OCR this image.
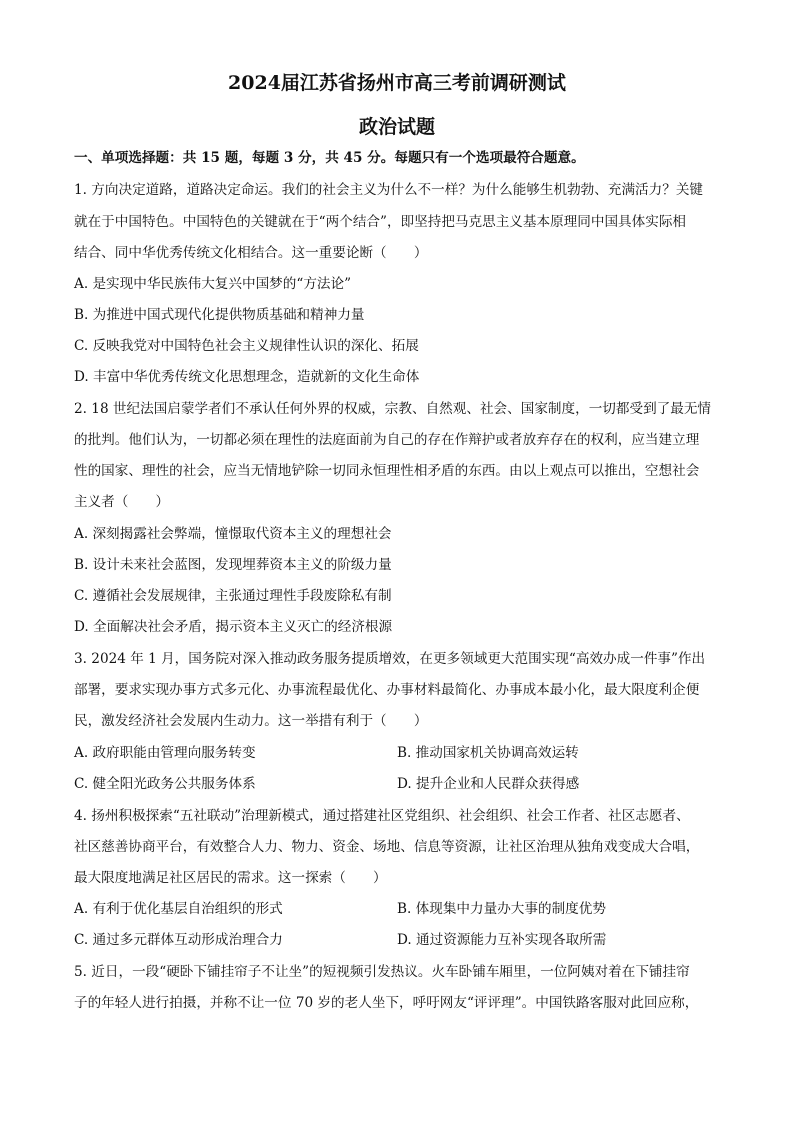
2024届江苏省扬州市高三考前调研测试
政治试题
一、单项选择题：共 15 题，每题 3 分，共 45 分。每题只有一个选项最符合题意。
1. 方向决定道路，道路决定命运。我们的社会主义为什么不一样？为什么能够生机勃勃、充满活力？关键
就在于中国特色。中国特色的关键就在于“两个结合”，即坚持把马克思主义基本原理同中国具体实际相
结合、同中华优秀传统文化相结合。这一重要论断（　　）
A. 是实现中华民族伟大复兴中国梦的“方法论”
B. 为推进中国式现代化提供物质基础和精神力量
C. 反映我党对中国特色社会主义规律性认识的深化、拓展
D. 丰富中华优秀传统文化思想理念，造就新的文化生命体
2. 18 世纪法国启蒙学者们不承认任何外界的权威，宗教、自然观、社会、国家制度，一切都受到了最无情
的批判。他们认为，一切都必须在理性的法庭面前为自己的存在作辩护或者放弃存在的权利，应当建立理
性的国家、理性的社会，应当无情地铲除一切同永恒理性相矛盾的东西。由以上观点可以推出，空想社会
主义者（　　）
A. 深刻揭露社会弊端，憧憬取代资本主义的理想社会
B. 设计未来社会蓝图，发现埋葬资本主义的阶级力量
C. 遵循社会发展规律，主张通过理性手段废除私有制
D. 全面解决社会矛盾，揭示资本主义灭亡的经济根源
3. 2024 年 1 月，国务院对深入推动政务服务提质增效，在更多领域更大范围实现“高效办成一件事”作出
部署，要求实现办事方式多元化、办事流程最优化、办事材料最简化、办事成本最小化，最大限度利企便
民，激发经济社会发展内生动力。这一举措有利于（　　）
A. 政府职能由管理向服务转变	B. 推动国家机关协调高效运转
C. 健全阳光政务公共服务体系	D. 提升企业和人民群众获得感
4. 扬州积极探索“五社联动”治理新模式，通过搭建社区党组织、社会组织、社会工作者、社区志愿者、
社区慈善协商平台，有效整合人力、物力、资金、场地、信息等资源，让社区治理从独角戏变成大合唱，
最大限度地满足社区居民的需求。这一探索（　　）
A. 有利于优化基层自治组织的形式	B. 体现集中力量办大事的制度优势
C. 通过多元群体互动形成治理合力	D. 通过资源能力互补实现各取所需
5. 近日，一段“硬卧下铺挂帘子不让坐”的短视频引发热议。火车卧铺车厢里，一位阿姨对着在下铺挂帘
子的年轻人进行拍摄，并称不让一位 70 岁的老人坐下，呼吁网友“评评理”。中国铁路客服对此回应称，
